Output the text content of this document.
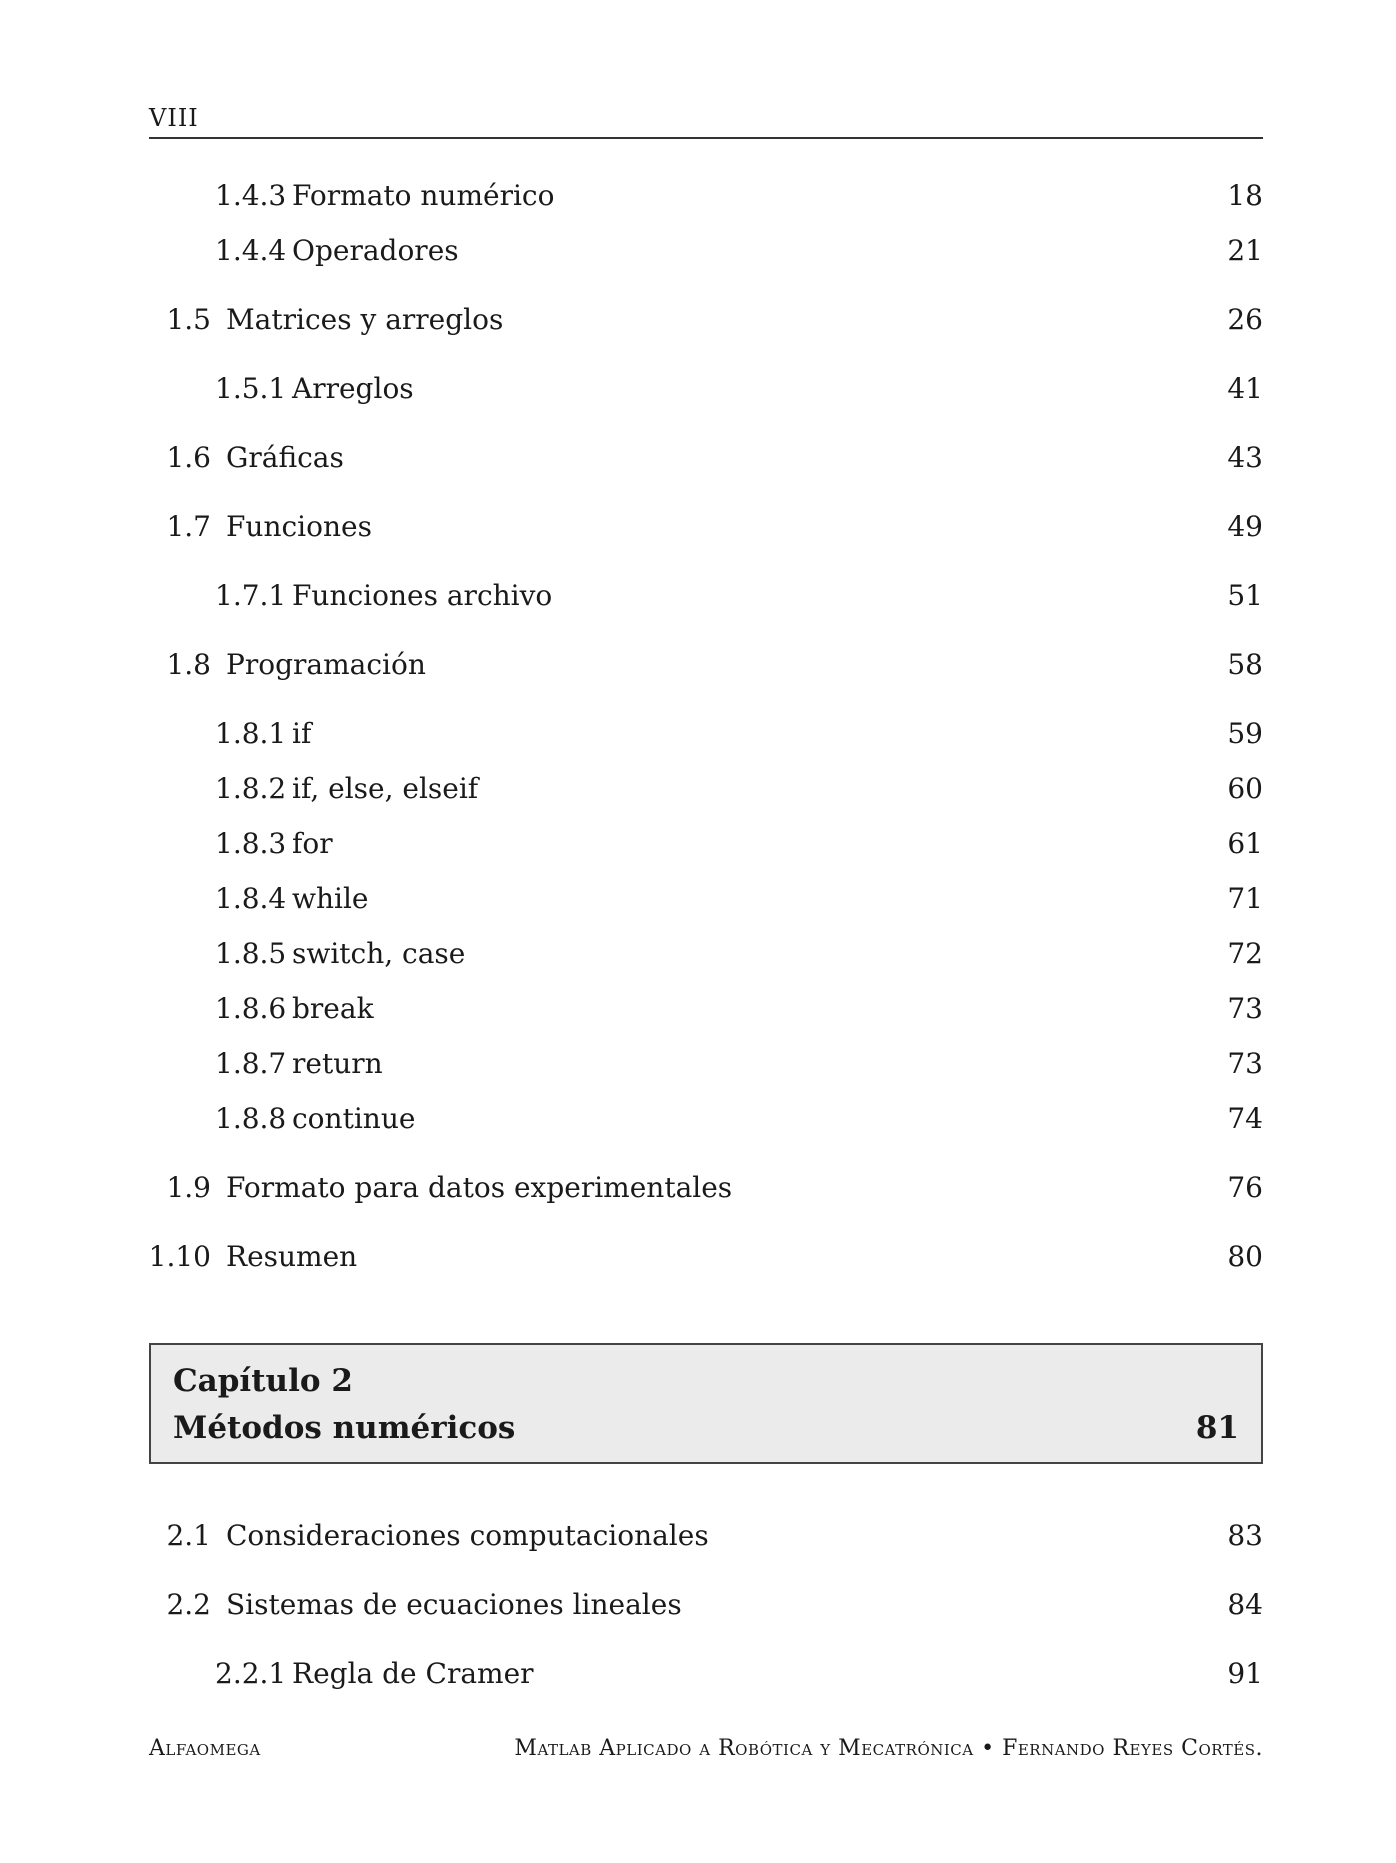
VIII
1.4.3 Formato numérico	18
1.4.4 Operadores	21
1.5 Matrices y arreglos	26
1.5.1 Arreglos	41
1.6 Gráficas	43
1.7 Funciones	49
1.7.1 Funciones archivo	51
1.8 Programación	58
1.8.1 if	59
1.8.2 if, else, elseif	60
1.8.3 for	61
1.8.4 while	71
1.8.5 switch, case	72
1.8.6 break	73
1.8.7 return	73
1.8.8 continue	74
1.9 Formato para datos experimentales	76
1.10 Resumen	80
Capítulo 2
Métodos numéricos	81
2.1 Consideraciones computacionales	83
2.2 Sistemas de ecuaciones lineales	84
2.2.1 Regla de Cramer	91
Alfaomega	Matlab Aplicado a Robótica y Mecatrónica • Fernando Reyes Cortés.
